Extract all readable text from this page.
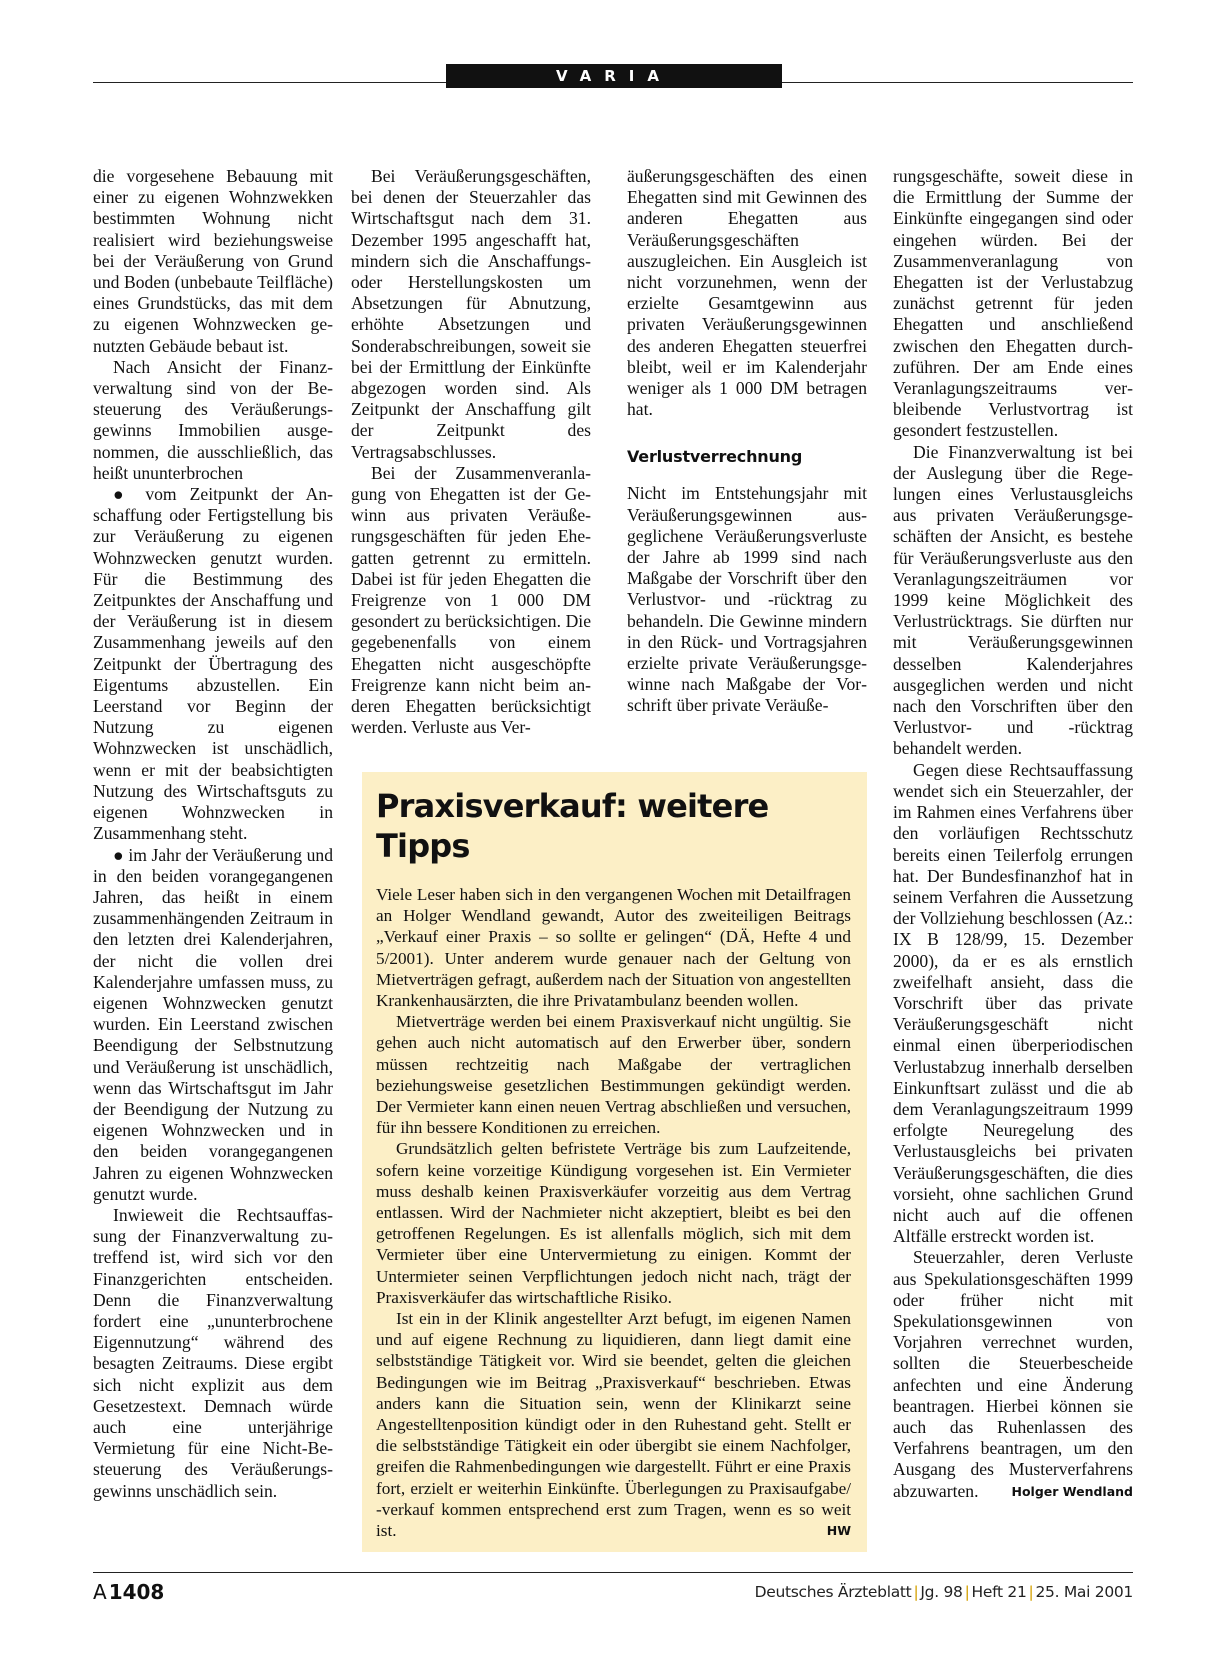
VARIA

die vorgesehene Bebauung mit einer zu eigenen Wohnzwekken bestimmten Wohnung nicht realisiert wird beziehungsweise bei der Veräußerung von Grund und Boden (unbebaute Teilfläche) eines Grundstücks, das mit dem zu eigenen Wohnzwecken genutzten Gebäude bebaut ist.

Nach Ansicht der Finanzverwaltung sind von der Besteuerung des Veräußerungsgewinns Immobilien ausgenommen, die ausschließlich, das heißt ununterbrochen

● vom Zeitpunkt der Anschaffung oder Fertigstellung bis zur Veräußerung zu eigenen Wohnzwecken genutzt wurden. Für die Bestimmung des Zeitpunktes der Anschaffung und der Veräußerung ist in diesem Zusammenhang jeweils auf den Zeitpunkt der Übertragung des Eigentums abzustellen. Ein Leerstand vor Beginn der Nutzung zu eigenen Wohnzwecken ist unschädlich, wenn er mit der beabsichtigten Nutzung des Wirtschaftsguts zu eigenen Wohnzwecken in Zusammenhang steht.

● im Jahr der Veräußerung und in den beiden vorangegangenen Jahren, das heißt in einem zusammenhängenden Zeitraum in den letzten drei Kalenderjahren, der nicht die vollen drei Kalenderjahre umfassen muss, zu eigenen Wohnzwecken genutzt wurden. Ein Leerstand zwischen Beendigung der Selbstnutzung und Veräußerung ist unschädlich, wenn das Wirtschaftsgut im Jahr der Beendigung der Nutzung zu eigenen Wohnzwecken und in den beiden vorangegangenen Jahren zu eigenen Wohnzwecken genutzt wurde.

Inwieweit die Rechtsauffassung der Finanzverwaltung zutreffend ist, wird sich vor den Finanzgerichten entscheiden. Denn die Finanzverwaltung fordert eine „ununterbrochene Eigennutzung“ während des besagten Zeitraums. Diese ergibt sich nicht explizit aus dem Gesetzestext. Demnach würde auch eine unterjährige Vermietung für eine Nicht-Besteuerung des Veräußerungsgewinns unschädlich sein.

Bei Veräußerungsgeschäften, bei denen der Steuerzahler das Wirtschaftsgut nach dem 31. Dezember 1995 angeschafft hat, mindern sich die Anschaffungs- oder Herstellungskosten um Absetzungen für Abnutzung, erhöhte Absetzungen und Sonderabschreibungen, soweit sie bei der Ermittlung der Einkünfte abgezogen worden sind. Als Zeitpunkt der Anschaffung gilt der Zeitpunkt des Vertragsabschlusses.

Bei der Zusammenveranlagung von Ehegatten ist der Gewinn aus privaten Veräußerungsgeschäften für jeden Ehegatten getrennt zu ermitteln. Dabei ist für jeden Ehegatten die Freigrenze von 1 000 DM gesondert zu berücksichtigen. Die gegebenenfalls von einem Ehegatten nicht ausgeschöpfte Freigrenze kann nicht beim anderen Ehegatten berücksichtigt werden. Verluste aus Ver-

äußerungsgeschäften des einen Ehegatten sind mit Gewinnen des anderen Ehegatten aus Veräußerungsgeschäften auszugleichen. Ein Ausgleich ist nicht vorzunehmen, wenn der erzielte Gesamtgewinn aus privaten Veräußerungsgewinnen des anderen Ehegatten steuerfrei bleibt, weil er im Kalenderjahr weniger als 1 000 DM betragen hat.

Verlustverrechnung

Nicht im Entstehungsjahr mit Veräußerungsgewinnen ausgeglichene Veräußerungsverluste der Jahre ab 1999 sind nach Maßgabe der Vorschrift über den Verlustvor- und -rücktrag zu behandeln. Die Gewinne mindern in den Rück- und Vortragsjahren erzielte private Veräußerungsgewinne nach Maßgabe der Vorschrift über private Veräuße-

rungsgeschäfte, soweit diese in die Ermittlung der Summe der Einkünfte eingegangen sind oder eingehen würden. Bei der Zusammenveranlagung von Ehegatten ist der Verlustabzug zunächst getrennt für jeden Ehegatten und anschließend zwischen den Ehegatten durchzuführen. Der am Ende eines Veranlagungszeitraums verbleibende Verlustvortrag ist gesondert festzustellen.

Die Finanzverwaltung ist bei der Auslegung über die Regelungen eines Verlustausgleichs aus privaten Veräußerungsgeschäften der Ansicht, es bestehe für Veräußerungsverluste aus den Veranlagungszeiträumen vor 1999 keine Möglichkeit des Verlustrücktrags. Sie dürften nur mit Veräußerungsgewinnen desselben Kalenderjahres ausgeglichen werden und nicht nach den Vorschriften über den Verlustvor- und -rücktrag behandelt werden.

Gegen diese Rechtsauffassung wendet sich ein Steuerzahler, der im Rahmen eines Verfahrens über den vorläufigen Rechtsschutz bereits einen Teilerfolg errungen hat. Der Bundesfinanzhof hat in seinem Verfahren die Aussetzung der Vollziehung beschlossen (Az.: IX B 128/99, 15. Dezember 2000), da er es als ernstlich zweifelhaft ansieht, dass die Vorschrift über das private Veräußerungsgeschäft nicht einmal einen überperiodischen Verlustabzug innerhalb derselben Einkunftsart zulässt und die ab dem Veranlagungszeitraum 1999 erfolgte Neuregelung des Verlustausgleichs bei privaten Veräußerungsgeschäften, die dies vorsieht, ohne sachlichen Grund nicht auch auf die offenen Altfälle erstreckt worden ist.

Steuerzahler, deren Verluste aus Spekulationsgeschäften 1999 oder früher nicht mit Spekulationsgewinnen von Vorjahren verrechnet wurden, sollten die Steuerbescheide anfechten und eine Änderung beantragen. Hierbei können sie auch das Ruhenlassen des Verfahrens beantragen, um den Ausgang des Musterverfahrens abzuwarten.	Holger Wendland

Praxisverkauf: weitere Tipps

Viele Leser haben sich in den vergangenen Wochen mit Detailfragen an Holger Wendland gewandt, Autor des zweiteiligen Beitrags „Verkauf einer Praxis – so sollte er gelingen“ (DÄ, Hefte 4 und 5/2001). Unter anderem wurde genauer nach der Geltung von Mietverträgen gefragt, außerdem nach der Situation von angestellten Krankenhausärzten, die ihre Privatambulanz beenden wollen.

Mietverträge werden bei einem Praxisverkauf nicht ungültig. Sie gehen auch nicht automatisch auf den Erwerber über, sondern müssen rechtzeitig nach Maßgabe der vertraglichen beziehungsweise gesetzlichen Bestimmungen gekündigt werden. Der Vermieter kann einen neuen Vertrag abschließen und versuchen, für ihn bessere Konditionen zu erreichen.

Grundsätzlich gelten befristete Verträge bis zum Laufzeitende, sofern keine vorzeitige Kündigung vorgesehen ist. Ein Vermieter muss deshalb keinen Praxisverkäufer vorzeitig aus dem Vertrag entlassen. Wird der Nachmieter nicht akzeptiert, bleibt es bei den getroffenen Regelungen. Es ist allenfalls möglich, sich mit dem Vermieter über eine Untervermietung zu einigen. Kommt der Untermieter seinen Verpflichtungen jedoch nicht nach, trägt der Praxisverkäufer das wirtschaftliche Risiko.

Ist ein in der Klinik angestellter Arzt befugt, im eigenen Namen und auf eigene Rechnung zu liquidieren, dann liegt damit eine selbstständige Tätigkeit vor. Wird sie beendet, gelten die gleichen Bedingungen wie im Beitrag „Praxisverkauf“ beschrieben. Etwas anders kann die Situation sein, wenn der Klinikarzt seine Angestelltenposition kündigt oder in den Ruhestand geht. Stellt er die selbstständige Tätigkeit ein oder übergibt sie einem Nachfolger, greifen die Rahmenbedingungen wie dargestellt. Führt er eine Praxis fort, erzielt er weiterhin Einkünfte. Überlegungen zu Praxisaufgabe/ -verkauf kommen entsprechend erst zum Tragen, wenn es so weit ist.	HW

A 1408	Deutsches Ärzteblatt | Jg. 98 | Heft 21 | 25. Mai 2001
